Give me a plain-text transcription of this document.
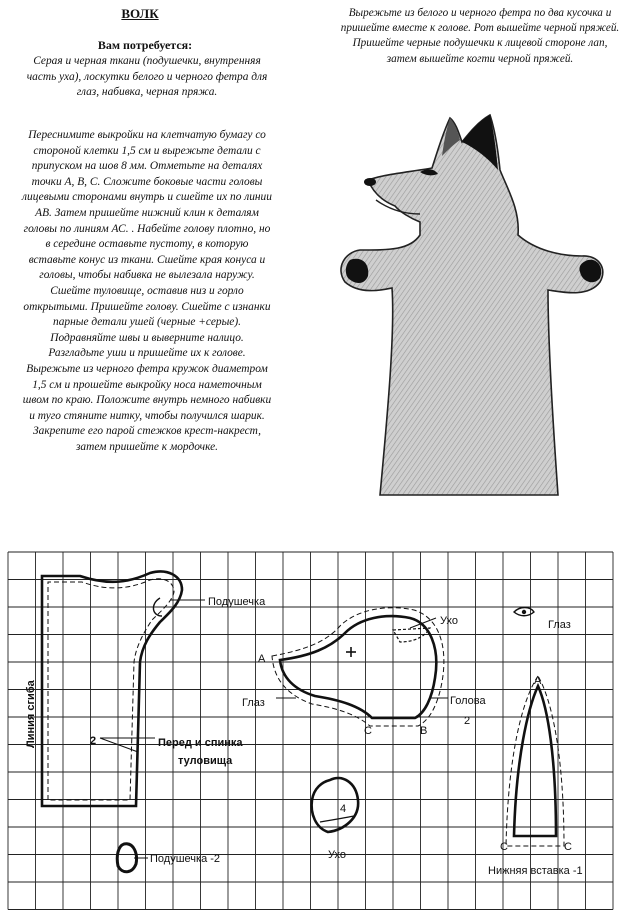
ВОЛК
Вам потребуется:

Серая и черная ткани (подушечки, внутренняя часть уха), лоскутки белого и черного фетра для глаз, набивка, черная пряжа.

Переснимите выкройки на клетчатую бумагу со стороной клетки 1,5 см и вырежьте детали с припуском на шов 8 мм. Отметьте на деталях точки А, В, С. Сложите боковые части головы лицевыми сторонами внутрь и сшейте их по линии АВ. Затем пришейте нижний клин к деталям головы по линиям АС. . Набейте голову плотно, но в середине оставьте пустоту, в которую вставьте конус из ткани. Сшейте края конуса и головы, чтобы набивка не вылезала наружу. Сшейте туловище, оставив низ и горло открытыми. Пришейте голову. Сшейте с изнанки парные детали ушей (черные +серые). Подравняйте швы и выверните налицо. Разгладьте уши и пришейте их к голове. Вырежьте из черного фетра кружок диаметром 1,5 см и прошейте выкройку носа наметочным швом по краю. Положите внутрь немного набивки и туго стяните нитку, чтобы получился шарик. Закрепите его парой стежков крест-накрест, затем пришейте к мордочке.

Вырежьте из белого и черного фетра по два кусочка и пришейте вместе к голове. Рот вышейте черной пряжей. Пришейте черные подушечки к лицевой стороне лап, затем вышейте когти черной пряжей.

Линия сгиба
Подушечка
Ухо	Глаз
A
B
C
Глаз	Голова
2
2	Перед и спинка
туловища
4
Ухо
Подушечка -2
A
C	C
Нижняя вставка -1
